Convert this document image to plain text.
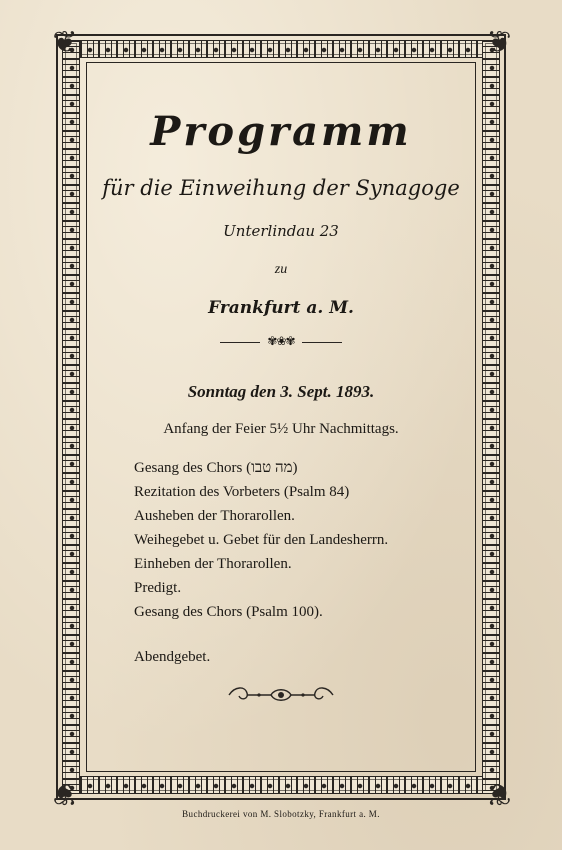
❦	❦
❦	❦
Programm
für die Einweihung der Synagoge
Unterlindau 23
zu
Frankfurt a. M.
✾❀✾
Sonntag den 3. Sept. 1893.
Anfang der Feier 5½ Uhr Nachmittags.
Gesang des Chors (מה טבו)
Rezitation des Vorbeters (Psalm 84)
Ausheben der Thorarollen.
Weihegebet u. Gebet für den Landesherrn.
Einheben der Thorarollen.
Predigt.
Gesang des Chors (Psalm 100).
Abendgebet.
Buchdruckerei von M. Slobotzky, Frankfurt a. M.
